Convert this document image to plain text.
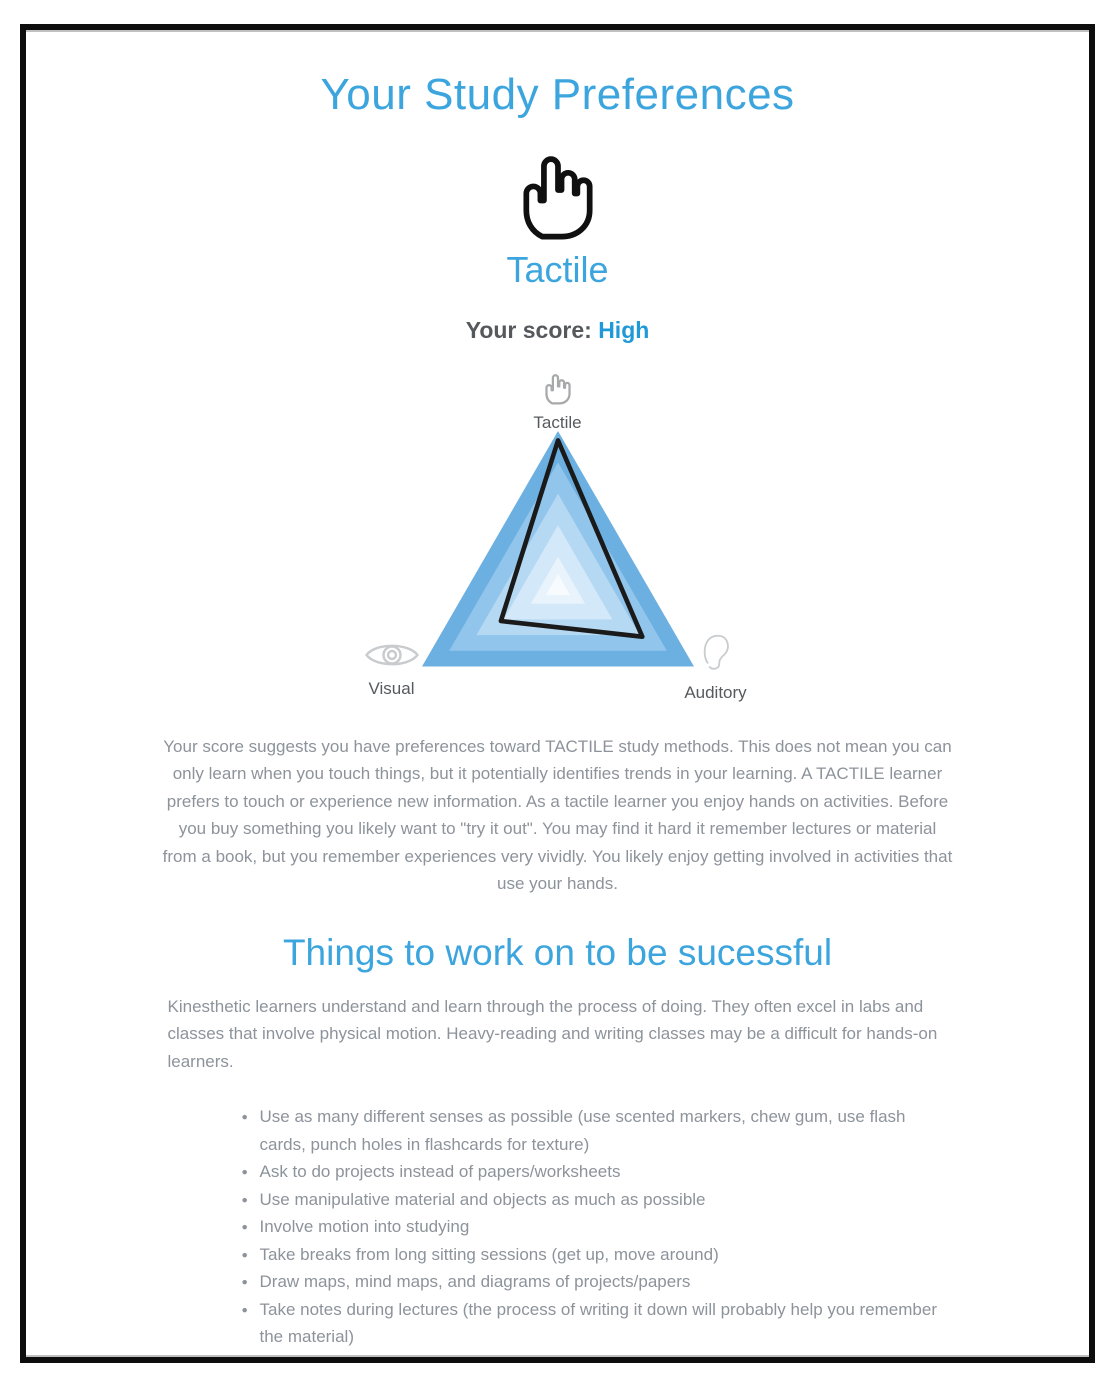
Your Study Preferences
Tactile

Your score: High

Tactile
Visual	Auditory

Your score suggests you have preferences toward TACTILE study methods. This does not mean you can only learn when you touch things, but it potentially identifies trends in your learning. A TACTILE learner prefers to touch or experience new information. As a tactile learner you enjoy hands on activities. Before you buy something you likely want to "try it out". You may find it hard it remember lectures or material from a book, but you remember experiences very vividly. You likely enjoy getting involved in activities that use your hands.

Things to work on to be sucessful

Kinesthetic learners understand and learn through the process of doing. They often excel in labs and classes that involve physical motion. Heavy-reading and writing classes may be a difficult for hands-on learners.

● Use as many different senses as possible (use scented markers, chew gum, use flash cards, punch holes in flashcards for texture)
● Ask to do projects instead of papers/worksheets
● Use manipulative material and objects as much as possible
● Involve motion into studying
● Take breaks from long sitting sessions (get up, move around)
● Draw maps, mind maps, and diagrams of projects/papers
● Take notes during lectures (the process of writing it down will probably help you remember the material)
